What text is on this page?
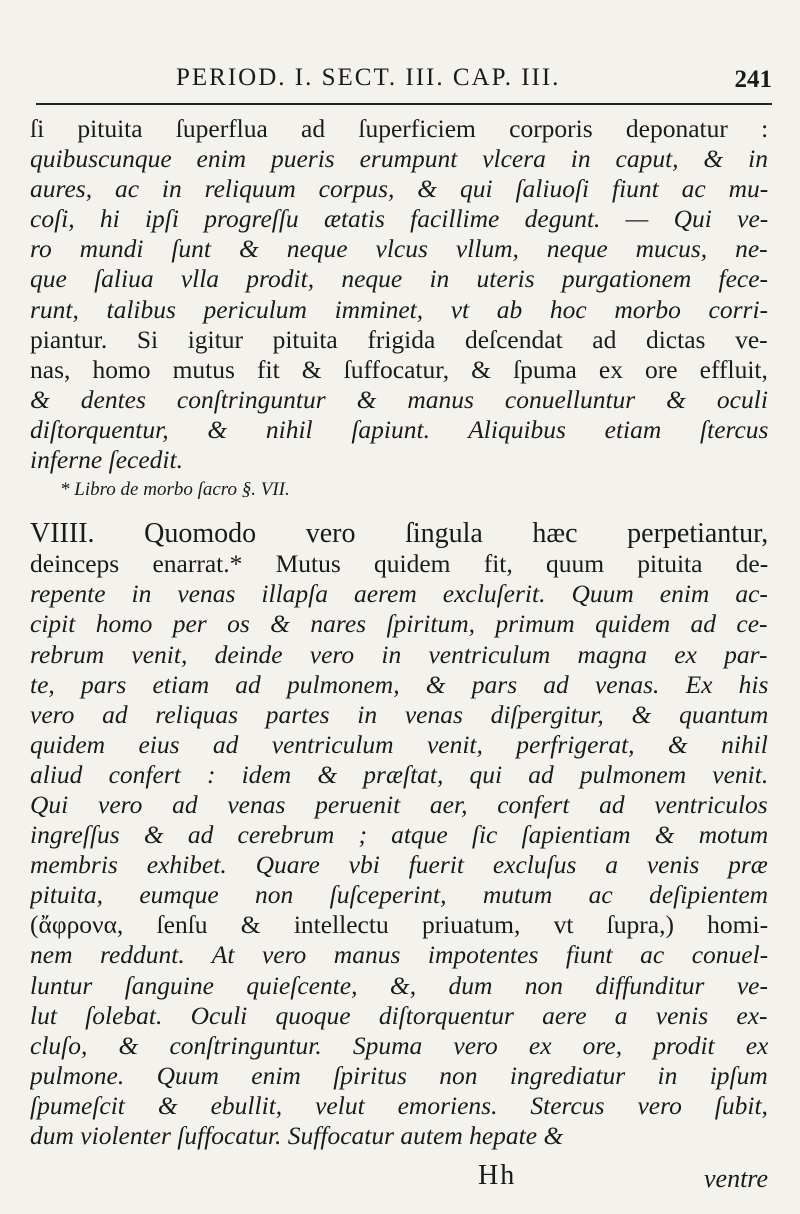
PERIOD. I. SECT. III. CAP. III.	241
ſi pituita ſuperflua ad ſuperficiem corporis deponatur :
quibuscunque enim pueris erumpunt vlcera in caput, & in
aures, ac in reliquum corpus, & qui ſaliuoſi fiunt ac mu-
coſi, hi ipſi progreſſu ætatis facillime degunt. — Qui ve-
ro mundi ſunt & neque vlcus vllum, neque mucus, ne-
que ſaliua vlla prodit, neque in uteris purgationem fece-
runt, talibus periculum imminet, vt ab hoc morbo corri-
piantur. Si igitur pituita frigida deſcendat ad dictas ve-
nas, homo mutus fit & ſuffocatur, & ſpuma ex ore effluit,
& dentes conſtringuntur & manus conuelluntur & oculi
diſtorquentur, & nihil ſapiunt. Aliquibus etiam ſtercus
inferne ſecedit.
* Libro de morbo ſacro §. VII.
VIIII. Quomodo vero ſingula hæc perpetiantur,
deinceps enarrat.* Mutus quidem fit, quum pituita de-
repente in venas illapſa aerem excluſerit. Quum enim ac-
cipit homo per os & nares ſpiritum, primum quidem ad ce-
rebrum venit, deinde vero in ventriculum magna ex par-
te, pars etiam ad pulmonem, & pars ad venas. Ex his
vero ad reliquas partes in venas diſpergitur, & quantum
quidem eius ad ventriculum venit, perfrigerat, & nihil
aliud confert : idem & præſtat, qui ad pulmonem venit.
Qui vero ad venas peruenit aer, confert ad ventriculos
ingreſſus & ad cerebrum ; atque ſic ſapientiam & motum
membris exhibet. Quare vbi fuerit excluſus a venis præ
pituita, eumque non ſuſceperint, mutum ac deſipientem
(ἄφρονα, ſenſu & intellectu priuatum, vt ſupra,) homi-
nem reddunt. At vero manus impotentes fiunt ac conuel-
luntur ſanguine quieſcente, &, dum non diffunditur ve-
lut ſolebat. Oculi quoque diſtorquentur aere a venis ex-
cluſo, & conſtringuntur. Spuma vero ex ore, prodit ex
pulmone. Quum enim ſpiritus non ingrediatur in ipſum
ſpumeſcit & ebullit, velut emoriens. Stercus vero ſubit,
dum violenter ſuffocatur. Suffocatur autem hepate &
Hh	ventre
